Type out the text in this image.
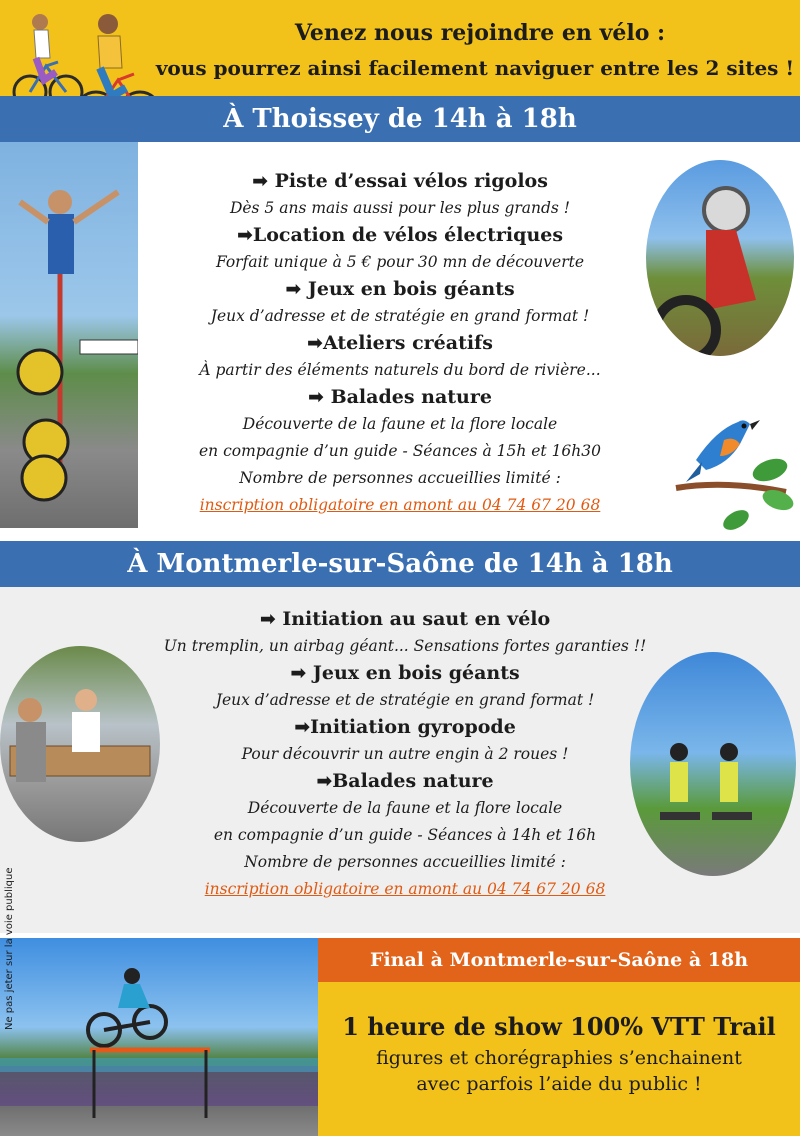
Venez nous rejoindre en vélo :
vous pourrez ainsi facilement naviguer entre les 2 sites !
À Thoissey de 14h à 18h
➡ Piste d’essai vélos rigolos
Dès 5 ans mais aussi pour les plus grands !
➡Location de vélos électriques
Forfait unique à 5 € pour 30 mn de découverte
➡ Jeux en bois géants
Jeux d’adresse et de stratégie en grand format !
➡Ateliers créatifs
À partir des éléments naturels du bord de rivière...
➡ Balades nature
Découverte de la faune et la flore locale
en compagnie d’un guide - Séances à 15h et 16h30
Nombre de personnes accueillies limité :
inscription obligatoire en amont au 04 74 67 20 68
À Montmerle-sur-Saône de 14h à 18h
➡ Initiation au saut en vélo
Un tremplin, un airbag géant... Sensations fortes garanties !!
➡ Jeux en bois géants
Jeux d’adresse et de stratégie en grand format !
➡Initiation gyropode
Pour découvrir un autre engin à 2 roues !
➡Balades nature
Découverte de la faune et la flore locale
en compagnie d’un guide - Séances à 14h et 16h
Nombre de personnes accueillies limité :
inscription obligatoire en amont au 04 74 67 20 68
Final à Montmerle-sur-Saône à 18h
1 heure de show 100% VTT Trail
figures et chorégraphies s’enchainent
avec parfois l’aide du public !
Ne pas jeter sur la voie publique
